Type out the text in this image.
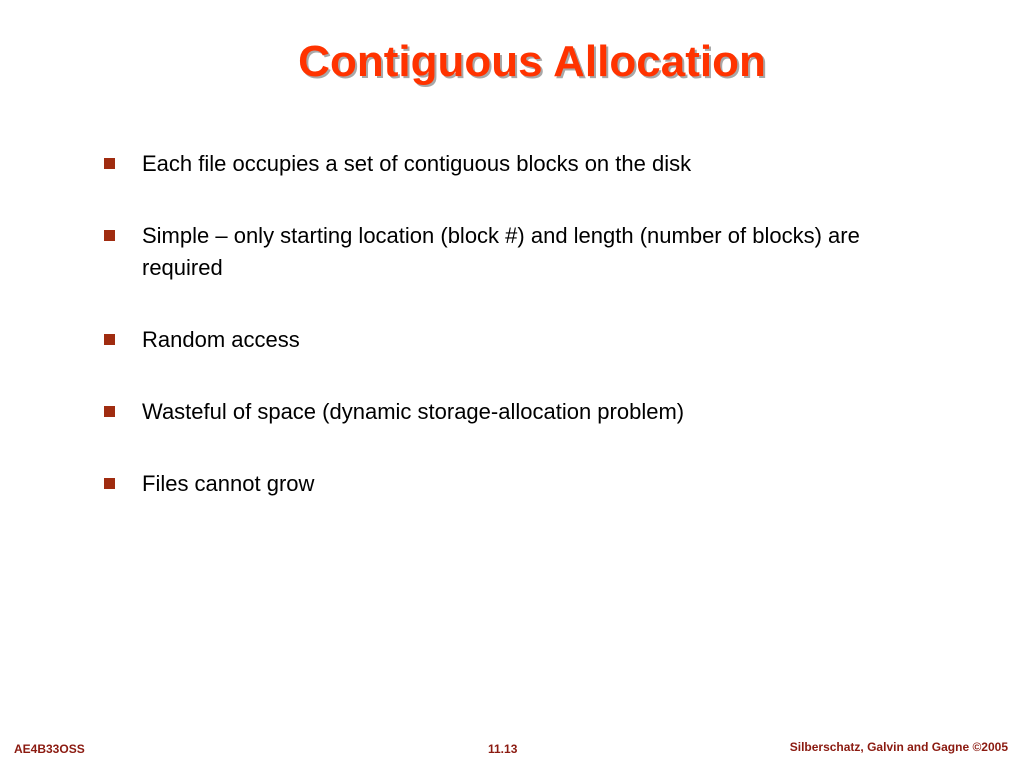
Contiguous Allocation
Each file occupies a set of contiguous blocks on the disk
Simple – only starting location (block #) and length (number of blocks) are required
Random access
Wasteful of space (dynamic storage-allocation problem)
Files cannot grow
AE4B33OSS	11.13	Silberschatz, Galvin and Gagne ©2005
